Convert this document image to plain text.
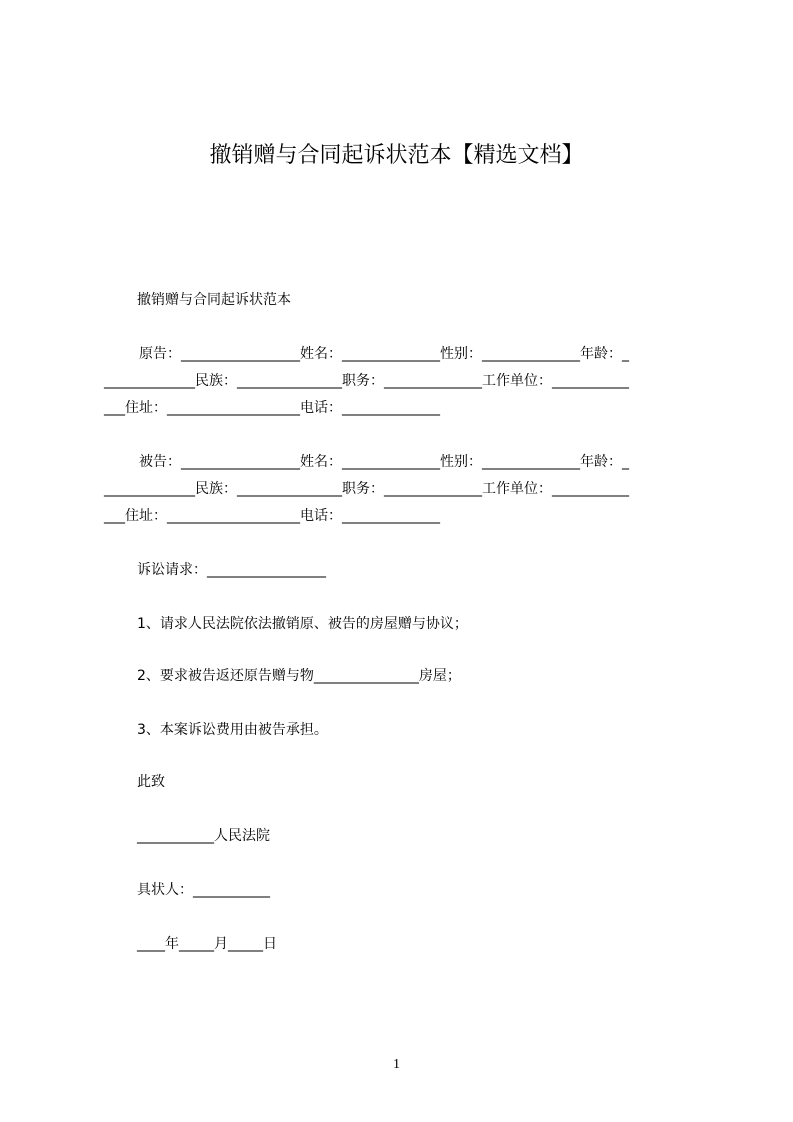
撤销赠与合同起诉状范本【精选文档】
撤销赠与合同起诉状范本
原告：_________________姓名：______________性别：______________年龄：_
_____________民族：_______________职务：______________工作单位：___________
___住址：___________________电话：______________
被告：_________________姓名：______________性别：______________年龄：_
_____________民族：_______________职务：______________工作单位：___________
___住址：___________________电话：______________
诉讼请求：_________________
1、请求人民法院依法撤销原、被告的房屋赠与协议；
2、要求被告返还原告赠与物_______________房屋；
3、本案诉讼费用由被告承担。
此致
___________人民法院
具状人：___________
____年_____月_____日
1
